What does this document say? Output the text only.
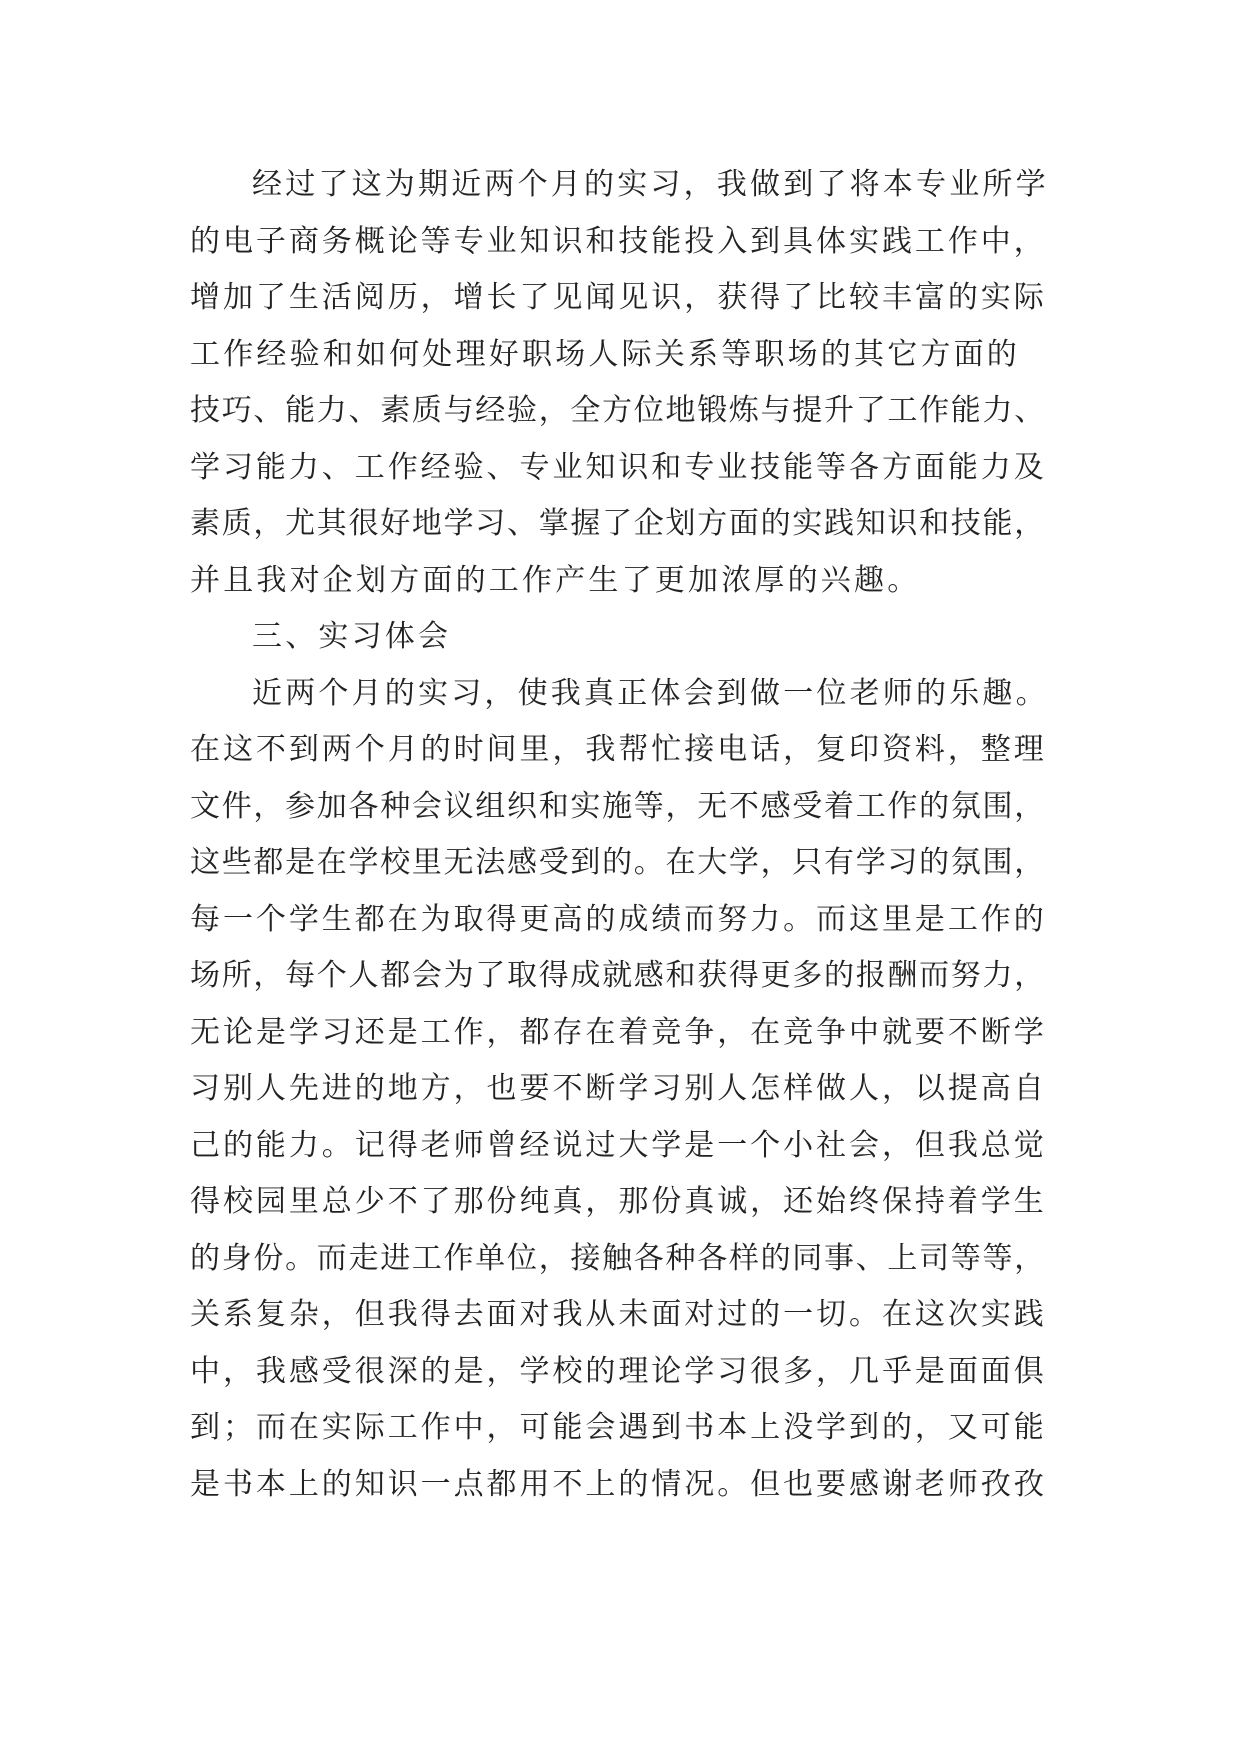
经过了这为期近两个月的实习，我做到了将本专业所学
的电子商务概论等专业知识和技能投入到具体实践工作中，
增加了生活阅历，增长了见闻见识，获得了比较丰富的实际
工作经验和如何处理好职场人际关系等职场的其它方面的
技巧、能力、素质与经验，全方位地锻炼与提升了工作能力、
学习能力、工作经验、专业知识和专业技能等各方面能力及
素质，尤其很好地学习、掌握了企划方面的实践知识和技能，
并且我对企划方面的工作产生了更加浓厚的兴趣。
三、实习体会
近两个月的实习，使我真正体会到做一位老师的乐趣。
在这不到两个月的时间里，我帮忙接电话，复印资料，整理
文件，参加各种会议组织和实施等，无不感受着工作的氛围，
这些都是在学校里无法感受到的。在大学，只有学习的氛围，
每一个学生都在为取得更高的成绩而努力。而这里是工作的
场所，每个人都会为了取得成就感和获得更多的报酬而努力，
无论是学习还是工作，都存在着竞争，在竞争中就要不断学
习别人先进的地方，也要不断学习别人怎样做人，以提高自
己的能力。记得老师曾经说过大学是一个小社会，但我总觉
得校园里总少不了那份纯真，那份真诚，还始终保持着学生
的身份。而走进工作单位，接触各种各样的同事、上司等等，
关系复杂，但我得去面对我从未面对过的一切。在这次实践
中，我感受很深的是，学校的理论学习很多，几乎是面面俱
到；而在实际工作中，可能会遇到书本上没学到的，又可能
是书本上的知识一点都用不上的情况。但也要感谢老师孜孜
